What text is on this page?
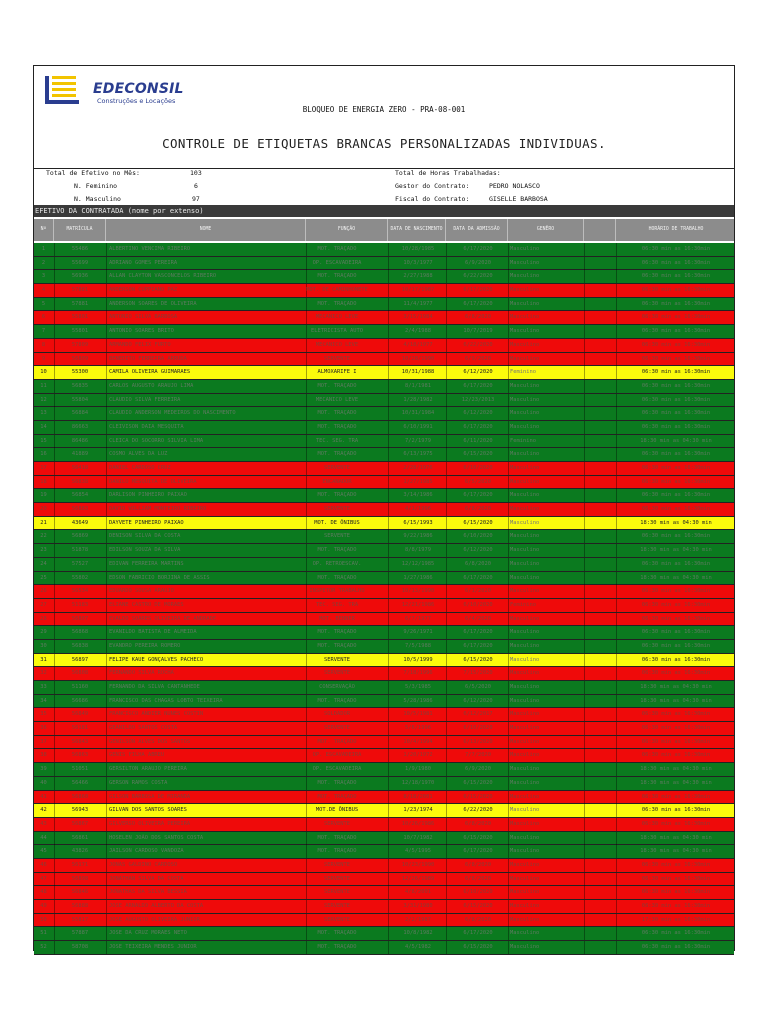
EDECONSIL
Construções e Locações
BLOQUEO DE ENERGIA ZERO - PRA-08-001
CONTROLE DE ETIQUETAS BRANCAS PERSONALIZADAS INDIVIDUAS.
Total de Efetivo no Mês:	103
N. Feminino	6
N. Masculino	97
Total de Horas Trabalhadas:
Gestor do Contrato:	PEDRO NOLASCO
Fiscal do Contrato:	GISELLE BARBOSA
EFETIVO DA CONTRATADA (nome por extenso)
Nº	MATRÍCULA	NOME	FUNÇÃO	DATA DE NASCIMENTO	DATA DA ADMISSÃO	GENÊRO	HORÁRIO DE TRABALHO
1	55486	ALBERTINO VENCIMA RIBEIRO	MOT. TRAÇADO	10/28/1985	6/17/2020	Masculino	06:30 min as 16:30min
2	55699	ADRIANO GOMES PEREIRA	OP. ESCAVADEIRA	10/3/1977	6/9/2020	Masculino	06:30 min as 16:30min
3	56936	ALLAN CLAYTON VASCONCELOS RIBEIRO	MOT. TRAÇADO	2/27/1988	6/22/2020	Masculino	06:30 min as 16:30min
4	57881	ANDERSON CUPPIANO PAZ	MOT. DE CAMINHONETE	10/17/1987	6/17/2020	Masculino	06:30 min as 16:30min
5	57881	ANDERSON SOARES DE OLIVEIRA	MOT. TRAÇADO	11/4/1977	6/17/2020	Masculino	06:30 min as 16:30min
6	55801	ANTONIO SILVA BARBOSA	MECANICO LEVE	3/15/1984	6/8/2020	Masculino	06:30 min as 16:30min
7	55801	ANTONIO SOARES BRITO	ELETRICISTA AUTO	2/4/1988	10/7/2019	Masculino	06:30 min as 16:30min
8	57809	ARMANDO FELIX FURTO	MECANICO LEVE	4/18/1977	6/22/2020	Masculino	06:30 min as 16:30min
9	56809	BENEDITO FERREIRA ARRUDA	SERVENTE	10/28/1990	6/9/2020	Masculino	06:30 min as 16:30min
10	55300	CAMILA OLIVEIRA GUIMARAES	ALMOXARIFE I	10/31/1988	6/12/2020	Feminino	06:30 min as 16:30min
11	56835	CARLOS AUGUSTO ARAUJO LIMA	MOT. TRAÇADO	8/1/1981	6/17/2020	Masculino	06:30 min as 16:30min
12	55804	CLAUDIO SILVA FERREIRA	MECANICO LEVE	1/28/1982	12/23/2013	Masculino	06:30 min as 16:30min
13	56884	CLAUDIO ANDERSON MEDEIROS DO NASCIMENTO	MOT. TRAÇADO	10/31/1984	6/12/2020	Masculino	06:30 min as 16:30min
14	86663	CLEIVISON DAIA MESQUITA	MOT. TRAÇADO	6/10/1991	6/17/2020	Masculino	06:30 min as 16:30min
15	86486	CLEICA DO SOCORRO SILVIA LIMA	TEC. SEG. TRA	7/2/1979	6/11/2020	Feminino	18:30 min as 04:30 min
16	41889	COSMO ALVES DA LUZ	MOT. TRAÇADO	6/13/1975	6/15/2020	Masculino	06:30 min as 16:30min
17	56418	DANIEL CARDOSO CRUZ	SERVENTE	2/28/1976	6/10/2020	Masculino	06:30 min as 16:30min
18	56838	DANILO MESQUITA DE OLIVEIRA	ENCANADOR	1/27/1985	6/5/2020	Masculino	06:30 min as 16:30min
19	56854	DARLISON PINHEIRO PAIXAO	MOT. TRAÇADO	3/14/1986	6/17/2020	Masculino	06:30 min as 16:30min
20	56883	DAVID WILLIAM MONTEIRO RIBEIRO	SERVENTE	4/1/1996	6/8/2020	Masculino	06:30 min as 16:30min
21	43649	DAYVETE PINHEIRO PAIXAO	MOT. DE ÔNIBUS	6/15/1993	6/15/2020	Masculino	18:30 min as 04:30 min
22	56869	DENISON SILVA DA COSTA	SERVENTE	9/22/1986	6/10/2020	Masculino	06:30 min as 16:30min
23	51878	EDILSON SOUZA DA SILVA	MOT. TRAÇADO	8/8/1979	6/12/2020	Masculino	18:30 min as 04:30 min
24	57527	EDIVAN FERREIRA MARTINS	OP. RETROESCAV.	12/12/1985	6/8/2020	Masculino	06:30 min as 16:30min
25	55802	EDSON FABRICIO BORJINA DE ASSIS	MOT. TRAÇADO	1/27/1986	6/17/2020	Masculino	18:30 min as 04:30 min
26	56534	EDUARDO SOUSA ARAUJO	INSPETOR TRABALHO	10/13/1990	6/1/2020	Masculino	06:30 min as 16:30min
27	51183	ELIANE CASTRO DE MORAES	TEC. SEG. TRA	12/21/1986	6/10/2020	Feminino	06:30 min as 16:30min
28	56807	EVALDO SOARES OLIVEIRA DE ANDRADE	MOT. BENNER	6/7/1977	6/4/2020	Masculino	06:30 min as 16:30min
29	56868	EVANILDO BATISTA DE ALMEIDA	MOT. TRAÇADO	9/26/1971	6/17/2020	Masculino	06:30 min as 16:30min
30	56838	EVANDRO PEREIRA ROMERO	MOT. TRAÇADO	7/5/1988	6/17/2020	Masculino	06:30 min as 16:30min
31	56897	FELIPE KAUE GONÇALVES PACHECO	SERVENTE	10/5/1999	6/15/2020	Masculino	06:30 min as 16:30min
32	56808	FERNANDO SILVA ROCHA	SERVENTE	7/18/1996	7/15/2020	Masculino	06:30 min as 16:30min
33	51160	FERNANDO DA SILVA CANTANHEDE	CONSERVAÇÃO	5/3/1985	6/5/2020	Masculino	18:30 min as 04:30 min
34	56686	FRANCISCO DAS CHAGAS LOBTO TEIXEIRA	MOT. TRAÇADO	5/28/1986	6/12/2020	Masculino	18:30 min as 04:30 min
35	56849	FRANCISCO ANDIER NUNES COSTIN	SOLDADOR	10/5/1981	6/12/2017	Masculino	06:30 min as 16:30min
36	56181	GEANILDO SANTOS COSTA	SERVENTE	5/6/1996	6/10/2020	Masculino	06:30 min as 16:30min
37	56843	GENILSON ALVES DOS SANTOS	MOT. TRAÇADO	10/4/1994	6/13/2020	Masculino	06:30 min as 16:30min
38	56863	GENIS FILHA ABREU	OP. ESCAVADEIRA	1/20/1972	7/7/2020	Masculino	06:30 min as 16:30min
39	51051	GERSILTON ARAUJO PEREIRA	OP. ESCAVADEIRA	1/9/1980	6/9/2020	Masculino	18:30 min as 04:30 min
40	56466	GERSON RAMOS COSTA	MOT. TRAÇADO	12/18/1970	6/15/2020	Masculino	18:30 min as 04:30 min
41	56860	GILSON BARBOSA DE MIRANDA	MOT. TRAÇADO	8/18/2001	6/15/2020	Masculino	06:30 min as 16:30min
42	56943	GILVAN DOS SANTOS SOARES	MOT.DE ÔNIBUS	1/23/1974	6/22/2020	Masculino	06:30 min as 16:30min
43	56867	GILVERSO OLIVEIRA PEREIRA	SERVENTE	10/26/1986	6/8/2020	Masculino	06:30 min as 16:30min
44	56861	HOSELEN JOÃO DOS SANTOS COSTA	MOT. TRAÇADO	10/7/1982	6/15/2020	Masculino	18:30 min as 04:30 min
45	43826	JAILSON CARDOSO VANDOZA	MOT. TRAÇADO	4/5/1995	6/17/2020	Masculino	18:30 min as 04:30 min
46	56171	JONAS GALDINO CARDOSO	SERVENTE	10/23/1990	6/8/2020	Masculino	06:30 min as 16:30min
47	56898	JONATHAN SILVA DA COSTA	SERVENTE	12/26/1989	6/8/2020	Masculino	06:30 min as 16:30min
48	56846	JONATHAS DA SILVA BESSIA	SERVENTE	4/8/2001	6/10/2020	Masculino	06:30 min as 16:30min
49	56888	JOSE ARNALDO ALBERTO DA COSTA	SERVENTE	3/31/1980	6/15/2020	Masculino	06:30 min as 16:30min
50	55817	JOSE AUGUSTO OLIVEIRA JUNIOR	SERVENTE	2/2/1987	6/8/2020	Masculino	17:30 min as 16:30min
51	57887	JOSE DA CRUZ MORAES NETO	MOT. TRAÇADO	10/8/1982	6/17/2020	Masculino	06:30 min as 16:30min
52	58708	JOSE TEIXEIRA MENDES JUNIOR	MOT. TRAÇADO	4/5/1982	6/15/2020	Masculino	06:30 min as 16:30min
